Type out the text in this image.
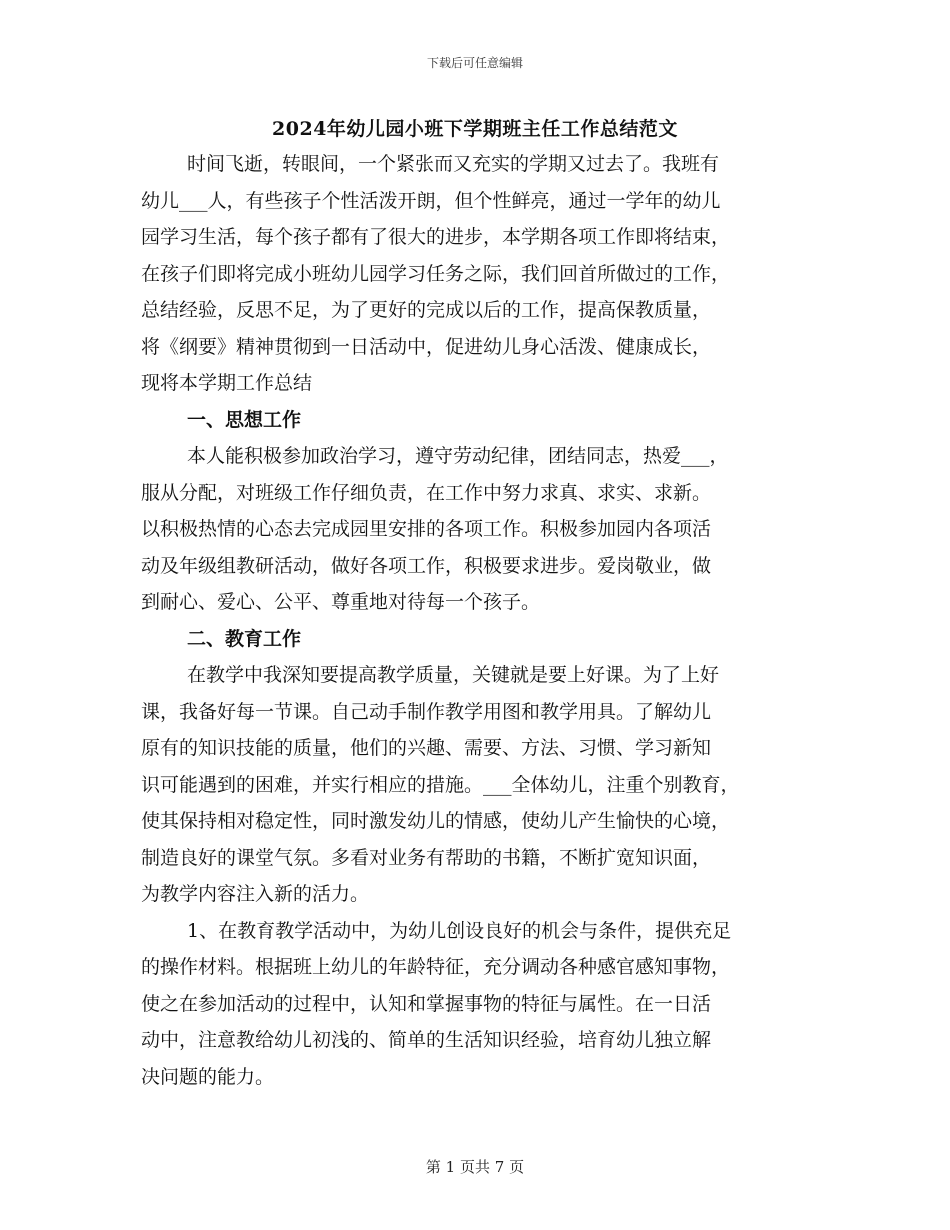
下载后可任意编辑
2024年幼儿园小班下学期班主任工作总结范文
时间飞逝，转眼间，一个紧张而又充实的学期又过去了。我班有
幼儿___人，有些孩子个性活泼开朗，但个性鲜亮，通过一学年的幼儿
园学习生活，每个孩子都有了很大的进步，本学期各项工作即将结束，
在孩子们即将完成小班幼儿园学习任务之际，我们回首所做过的工作，
总结经验，反思不足，为了更好的完成以后的工作，提高保教质量，
将《纲要》精神贯彻到一日活动中，促进幼儿身心活泼、健康成长，
现将本学期工作总结
一、思想工作
本人能积极参加政治学习，遵守劳动纪律，团结同志，热爱___，
服从分配，对班级工作仔细负责，在工作中努力求真、求实、求新。
以积极热情的心态去完成园里安排的各项工作。积极参加园内各项活
动及年级组教研活动，做好各项工作，积极要求进步。爱岗敬业，做
到耐心、爱心、公平、尊重地对待每一个孩子。
二、教育工作
在教学中我深知要提高教学质量，关键就是要上好课。为了上好
课，我备好每一节课。自己动手制作教学用图和教学用具。了解幼儿
原有的知识技能的质量，他们的兴趣、需要、方法、习惯、学习新知
识可能遇到的困难，并实行相应的措施。___全体幼儿，注重个别教育，
使其保持相对稳定性，同时激发幼儿的情感，使幼儿产生愉快的心境，
制造良好的课堂气氛。多看对业务有帮助的书籍，不断扩宽知识面，
为教学内容注入新的活力。
1、在教育教学活动中，为幼儿创设良好的机会与条件，提供充足
的操作材料。根据班上幼儿的年龄特征，充分调动各种感官感知事物，
使之在参加活动的过程中，认知和掌握事物的特征与属性。在一日活
动中，注意教给幼儿初浅的、简单的生活知识经验，培育幼儿独立解
决问题的能力。
第 1 页共 7 页
